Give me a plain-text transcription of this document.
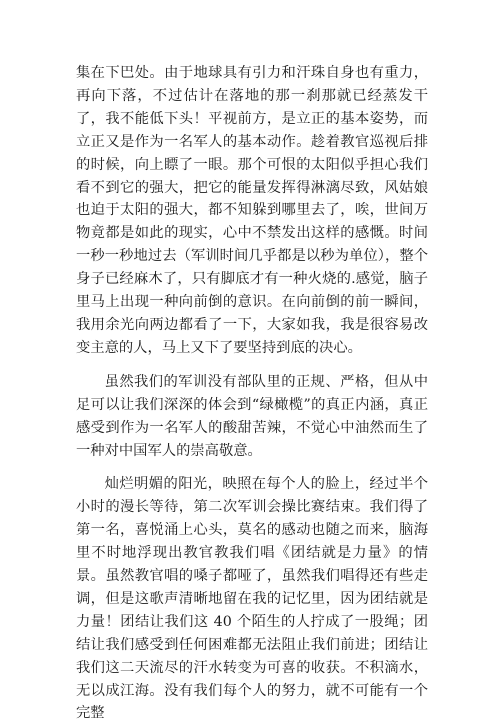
集在下巴处。由于地球具有引力和汗珠自身也有重力，再向下落，不过估计在落地的那一刹那就已经蒸发干了，我不能低下头！平视前方，是立正的基本姿势，而立正又是作为一名军人的基本动作。趁着教官巡视后排的时候，向上瞟了一眼。那个可恨的太阳似乎担心我们看不到它的强大，把它的能量发挥得淋漓尽致，风姑娘也迫于太阳的强大，都不知躲到哪里去了，唉，世间万物竟都是如此的现实，心中不禁发出这样的感慨。时间一秒一秒地过去（军训时间几乎都是以秒为单位），整个身子已经麻木了，只有脚底才有一种火烧的.感觉，脑子里马上出现一种向前倒的意识。在向前倒的前一瞬间，我用余光向两边都看了一下，大家如我，我是很容易改变主意的人，马上又下了要坚持到底的决心。

虽然我们的军训没有部队里的正规、严格，但从中足可以让我们深深的体会到“绿橄榄”的真正内涵，真正感受到作为一名军人的酸甜苦辣，不觉心中油然而生了一种对中国军人的崇高敬意。

灿烂明媚的阳光，映照在每个人的脸上，经过半个小时的漫长等待，第二次军训会操比赛结束。我们得了第一名，喜悦涌上心头，莫名的感动也随之而来，脑海里不时地浮现出教官教我们唱《团结就是力量》的情景。虽然教官唱的嗓子都哑了，虽然我们唱得还有些走调，但是这歌声清晰地留在我的记忆里，因为团结就是力量！团结让我们这 40 个陌生的人拧成了一股绳；团结让我们感受到任何困难都无法阻止我们前进；团结让我们这二天流尽的汗水转变为可喜的收获。不积滴水，无以成江海。没有我们每个人的努力，就不可能有一个完整
